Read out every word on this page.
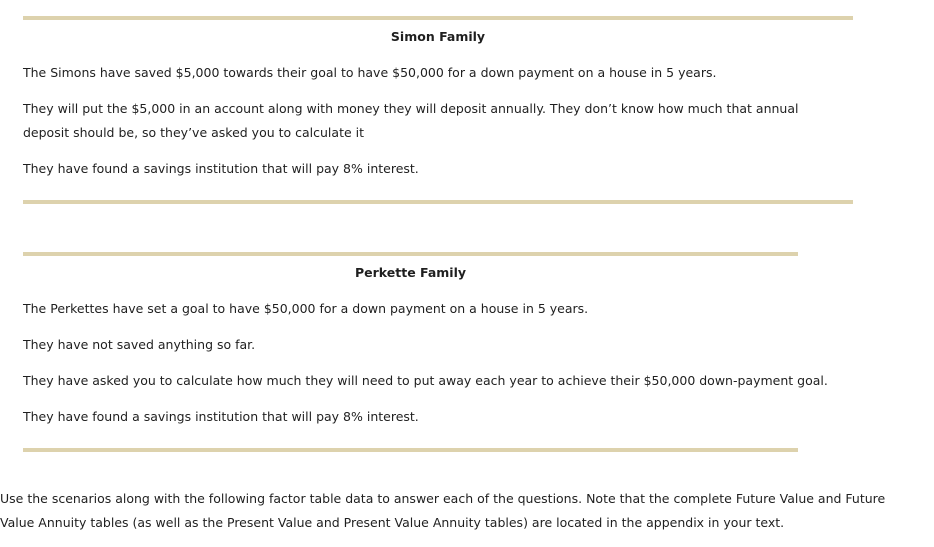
Simon Family
The Simons have saved $5,000 towards their goal to have $50,000 for a down payment on a house in 5 years.
They will put the $5,000 in an account along with money they will deposit annually. They don’t know how much that annual deposit should be, so they’ve asked you to calculate it
They have found a savings institution that will pay 8% interest.
Perkette Family
The Perkettes have set a goal to have $50,000 for a down payment on a house in 5 years.
They have not saved anything so far.
They have asked you to calculate how much they will need to put away each year to achieve their $50,000 down-payment goal.
They have found a savings institution that will pay 8% interest.
Use the scenarios along with the following factor table data to answer each of the questions. Note that the complete Future Value and Future Value Annuity tables (as well as the Present Value and Present Value Annuity tables) are located in the appendix in your text.
